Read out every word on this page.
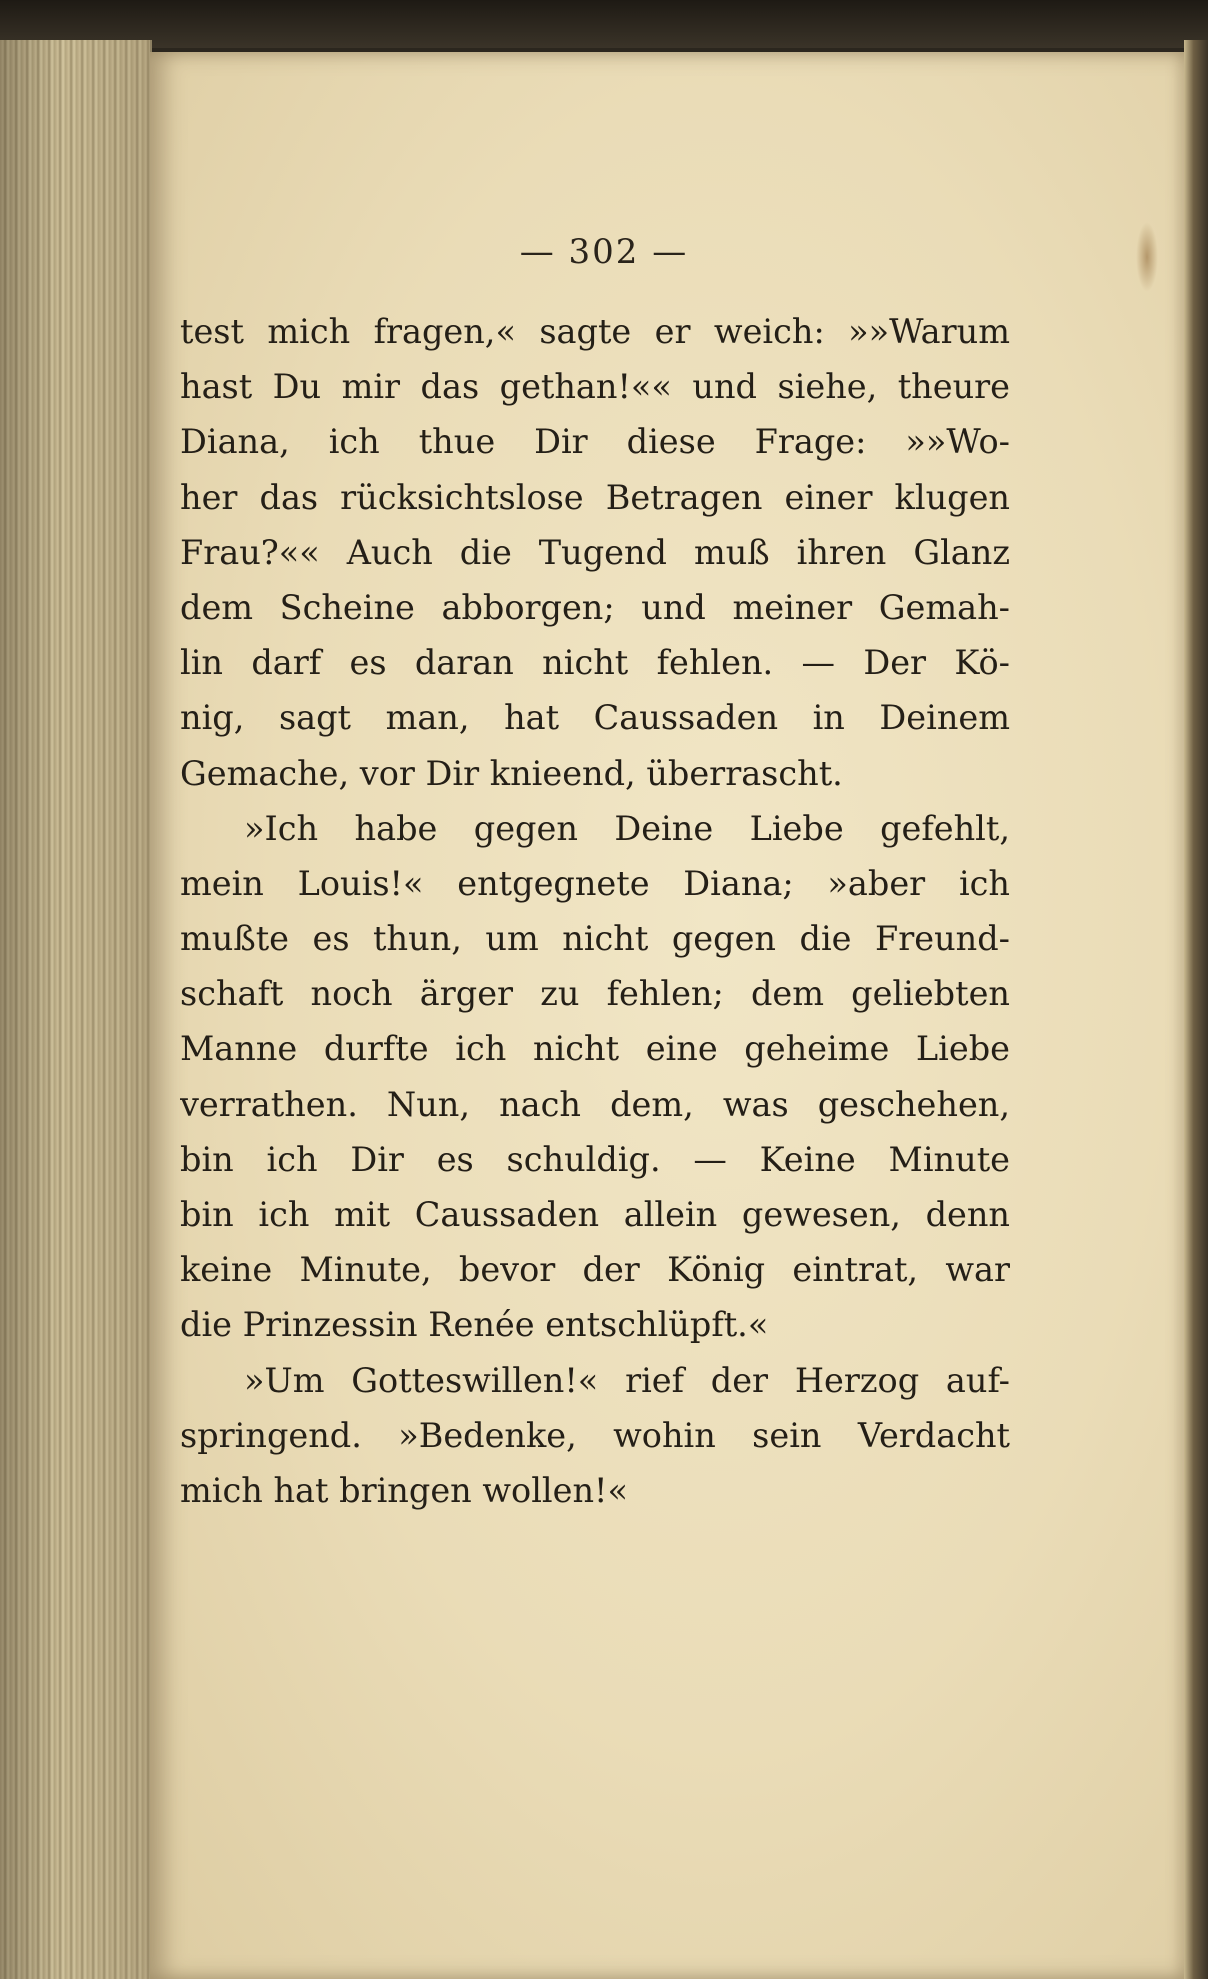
— 302 —
test mich fragen,« sagte er weich: »»Warum
hast Du mir das gethan!«« und siehe, theure
Diana, ich thue Dir diese Frage: »»Wo-
her das rücksichtslose Betragen einer klugen
Frau?«« Auch die Tugend muß ihren Glanz
dem Scheine abborgen; und meiner Gemah-
lin darf es daran nicht fehlen. — Der Kö-
nig, sagt man, hat Caussaden in Deinem
Gemache, vor Dir knieend, überrascht.
»Ich habe gegen Deine Liebe gefehlt,
mein Louis!« entgegnete Diana; »aber ich
mußte es thun, um nicht gegen die Freund-
schaft noch ärger zu fehlen; dem geliebten
Manne durfte ich nicht eine geheime Liebe
verrathen. Nun, nach dem, was geschehen,
bin ich Dir es schuldig. — Keine Minute
bin ich mit Caussaden allein gewesen, denn
keine Minute, bevor der König eintrat, war
die Prinzessin Renée entschlüpft.«
»Um Gotteswillen!« rief der Herzog auf-
springend. »Bedenke, wohin sein Verdacht
mich hat bringen wollen!«
